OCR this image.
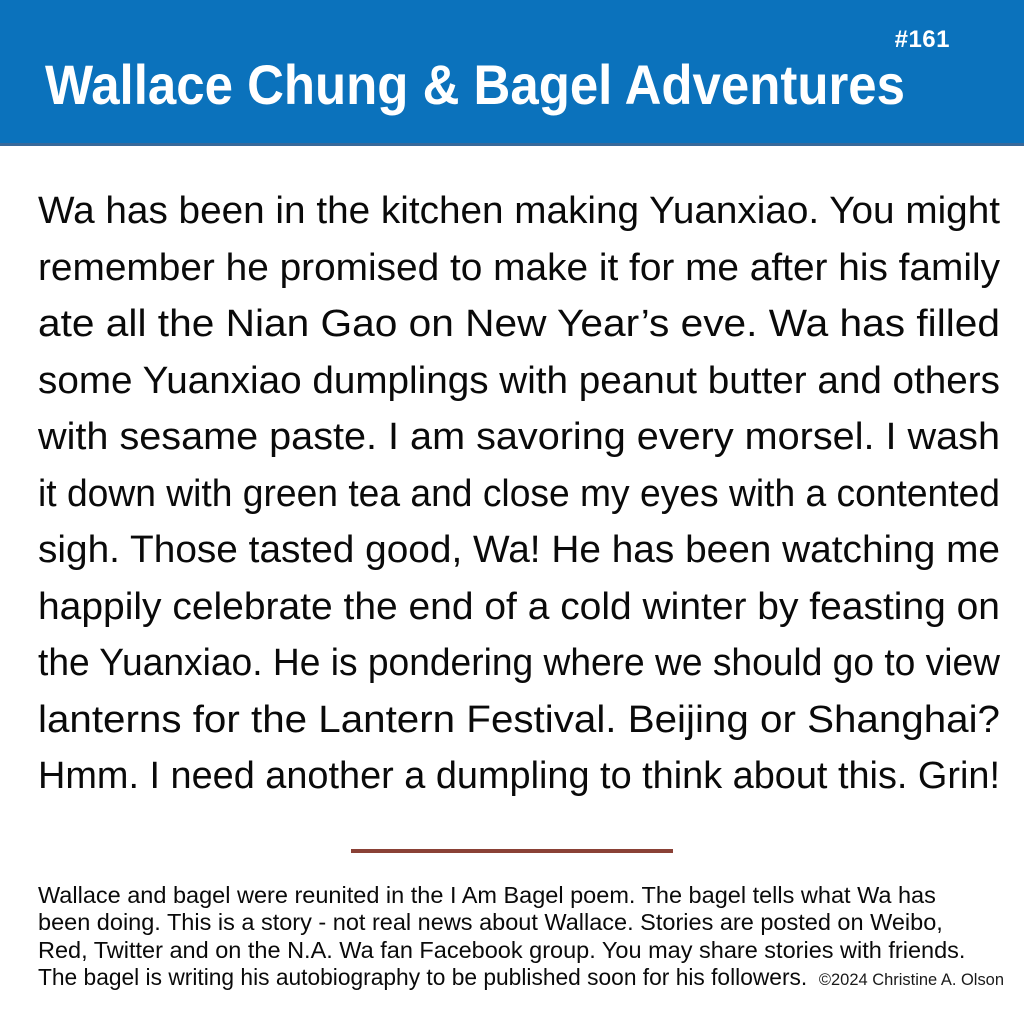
#161
Wallace Chung & Bagel Adventures
Wa has been in the kitchen making Yuanxiao. You might
remember he promised to make it for me after his family
ate all the Nian Gao on New Year’s eve. Wa has filled
some Yuanxiao dumplings with peanut butter and others
with sesame paste. I am savoring every morsel. I wash
it down with green tea and close my eyes with a contented
sigh. Those tasted good, Wa! He has been watching me
happily celebrate the end of a cold winter by feasting on
the Yuanxiao. He is pondering where we should go to view
lanterns for the Lantern Festival. Beijing or Shanghai?
Hmm. I need another a dumpling to think about this. Grin!
Wallace and bagel were reunited in the I Am Bagel poem. The bagel tells what Wa has
been doing. This is a story - not real news about Wallace. Stories are posted on Weibo,
Red, Twitter and on the N.A. Wa fan Facebook group. You may share stories with friends.
The bagel is writing his autobiography to be published soon for his followers. ©2024 Christine A. Olson
